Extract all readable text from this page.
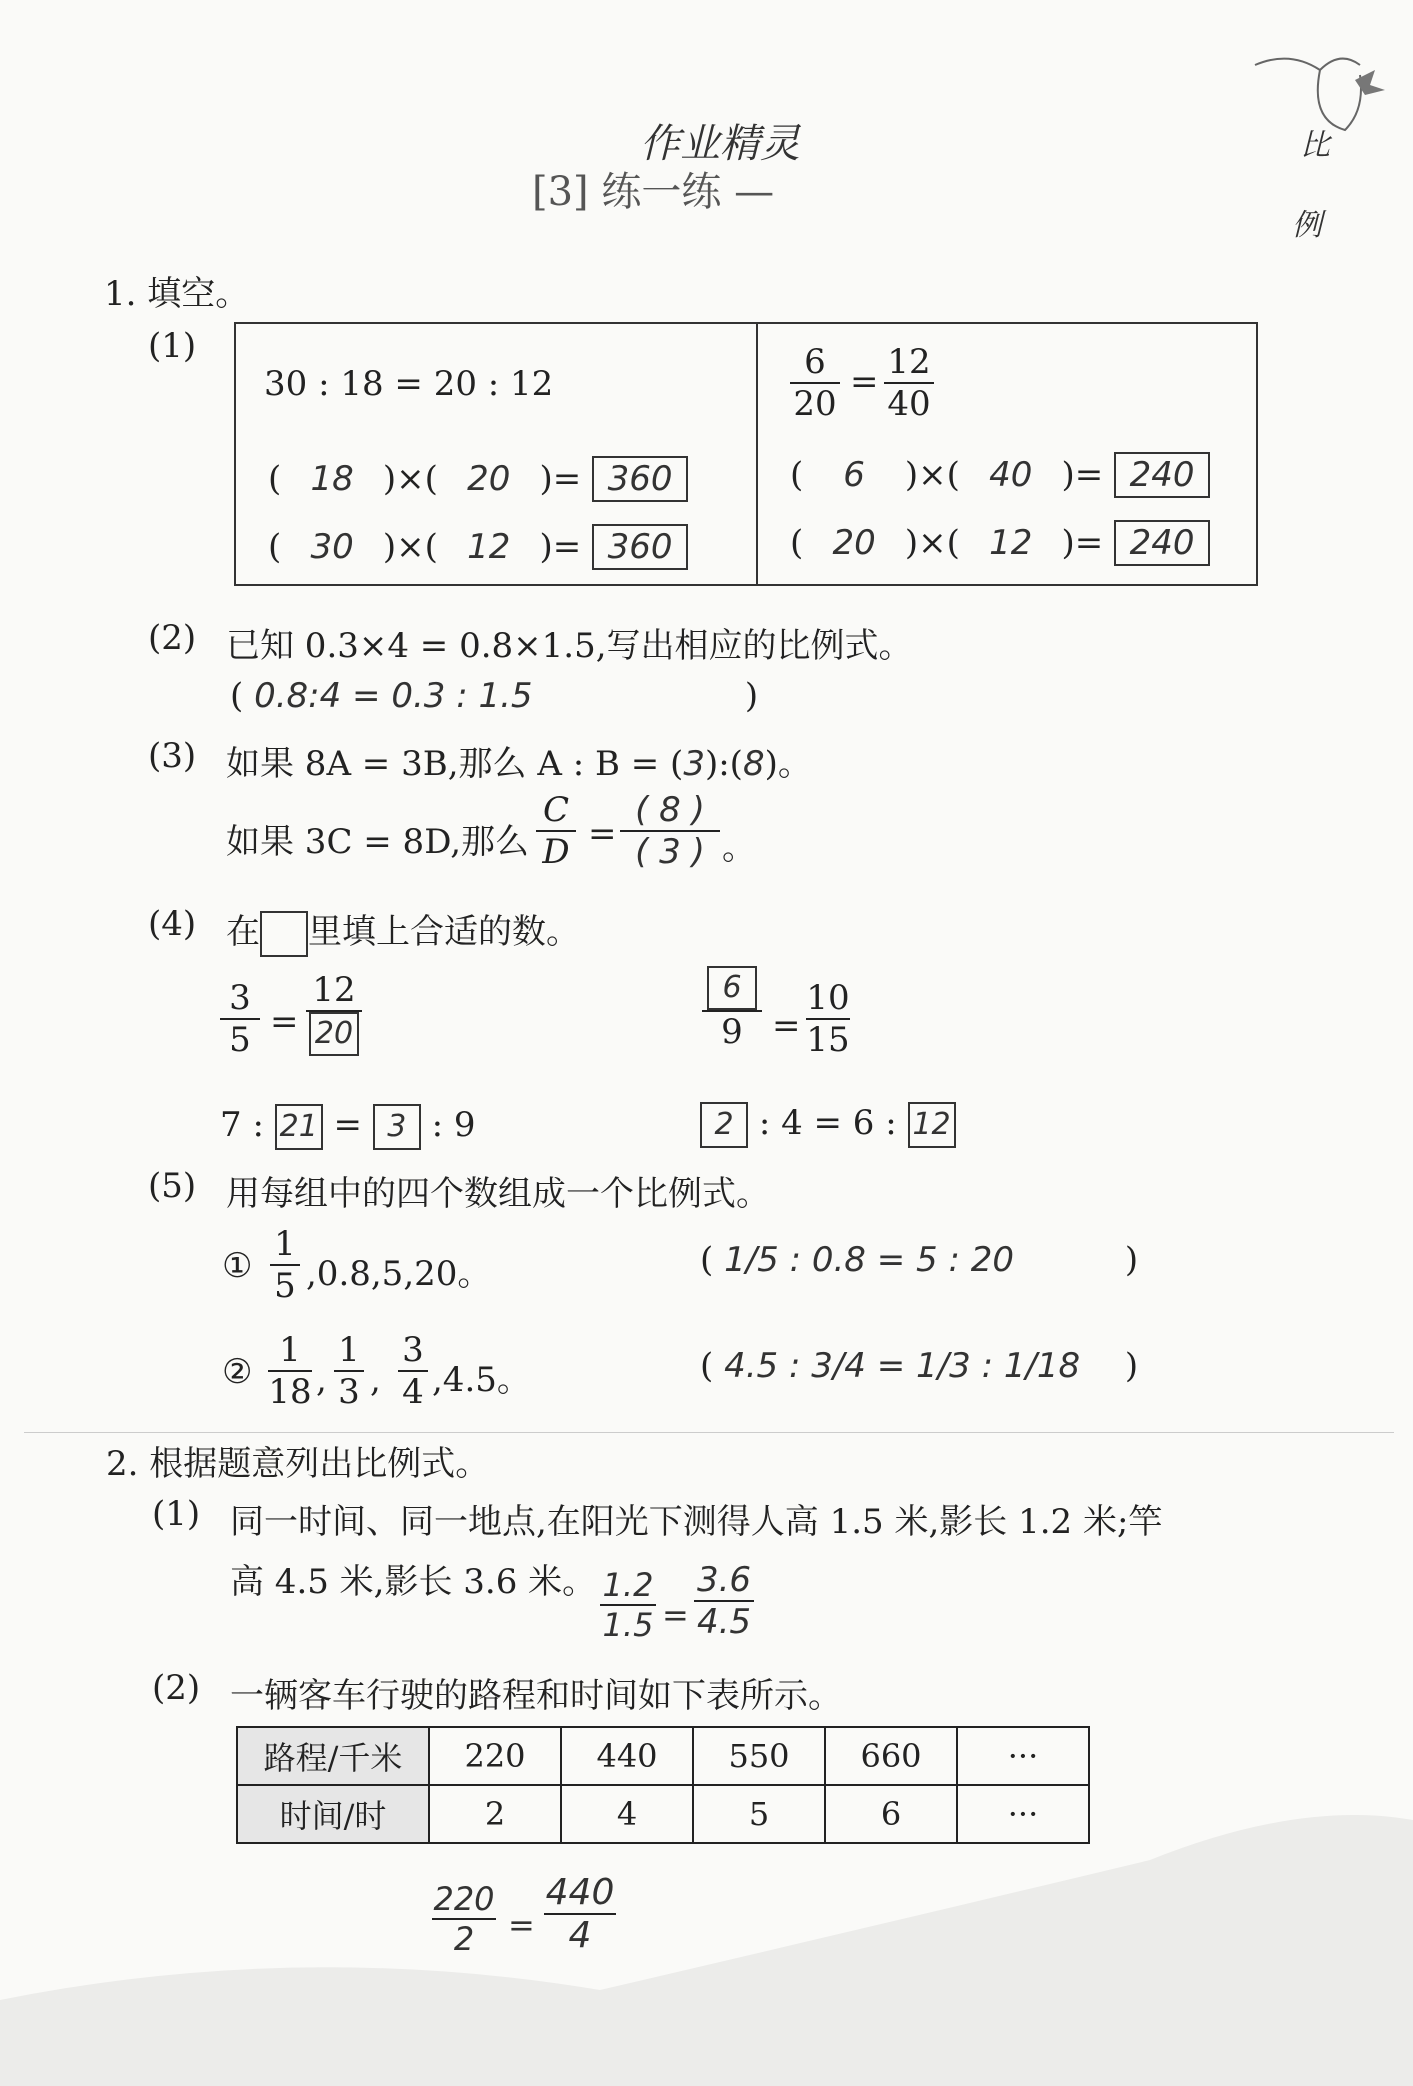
作业精灵
[3] 练一练 —
比
例
1. 填空。
(1)
30 : 18 = 20 : 12
6
20
= 12
40
( 18 )×( 20 )= 360
( 30 )×( 12 )= 360
( 6 )×( 40 )= 240
( 20 )×( 12 )= 240
(2) 已知 0.3×4 = 0.8×1.5,写出相应的比例式。
( 0.8:4 = 0.3 : 1.5	)
(3) 如果 8A = 3B,那么 A : B = (3):(8)。
如果 3C = 8D,那么
C
D =
( 8 )
( 3 ) 。
(4) 在 里填上合适的数。
3
5 =
12
20
6
9 =
10
15
7 : 21 = 3 : 9	2 : 4 = 6 : 12
(5) 用每组中的四个数组成一个比例式。
①
1
5 ,0.8,5,20。	( 1/5 : 0.8 = 5 : 20	)
②
1
18 ,
1
3 ,
3
4 ,4.5。	( 4.5 : 3/4 = 1/3 : 1/18 )
2. 根据题意列出比例式。
(1) 同一时间、同一地点,在阳光下测得人高 1.5 米,影长 1.2 米;竿
高 4.5 米,影长 3.6 米。 1.2
1.5 =
3.6
4.5
(2) 一辆客车行驶的路程和时间如下表所示。
路程/千米	220	440	550	660	···
时间/时	2	4	5	6	···
220
2	=
440
4
